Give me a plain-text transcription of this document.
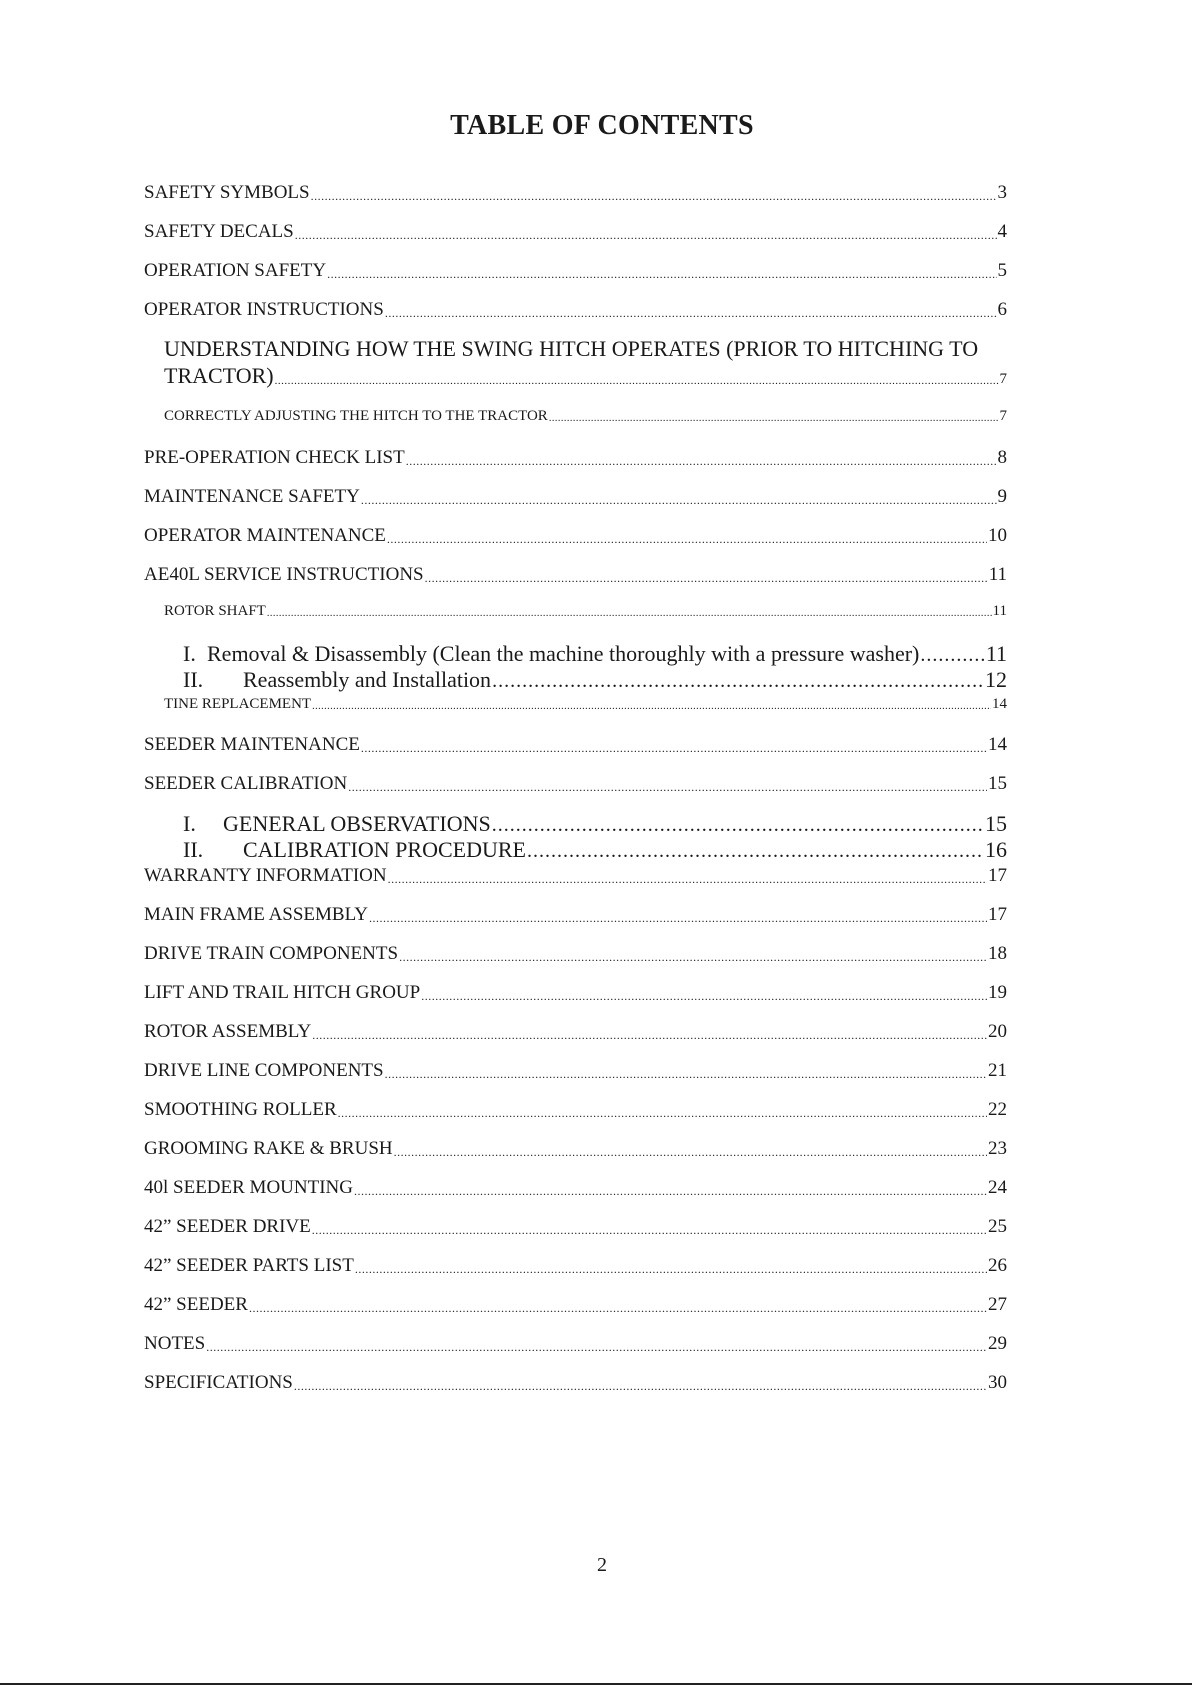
TABLE OF CONTENTS
SAFETY SYMBOLS .....	3
SAFETY DECALS .....	4
OPERATION SAFETY .....	5
OPERATOR INSTRUCTIONS .....	6
UNDERSTANDING HOW THE SWING HITCH OPERATES (PRIOR TO HITCHING TO
TRACTOR) .....	7
CORRECTLY ADJUSTING THE HITCH TO THE TRACTOR .....	7
PRE-OPERATION CHECK LIST .....	8
MAINTENANCE SAFETY .....	9
OPERATOR MAINTENANCE .....	10
AE40L SERVICE INSTRUCTIONS .....	11
ROTOR SHAFT .....	11
I. Removal & Disassembly (Clean the machine thoroughly with a pressure washer) .....	11
II. Reassembly and Installation .....	12
TINE REPLACEMENT .....	14
SEEDER MAINTENANCE .....	14
SEEDER CALIBRATION .....	15
I. GENERAL OBSERVATIONS .....	15
II. CALIBRATION PROCEDURE .....	16
WARRANTY INFORMATION .....	17
MAIN FRAME ASSEMBLY .....	17
DRIVE TRAIN COMPONENTS .....	18
LIFT AND TRAIL HITCH GROUP .....	19
ROTOR ASSEMBLY .....	20
DRIVE LINE COMPONENTS .....	21
SMOOTHING ROLLER .....	22
GROOMING RAKE & BRUSH .....	23
40l SEEDER MOUNTING .....	24
42” SEEDER DRIVE .....	25
42” SEEDER PARTS LIST .....	26
42” SEEDER .....	27
NOTES .....	29
SPECIFICATIONS .....	30
2
